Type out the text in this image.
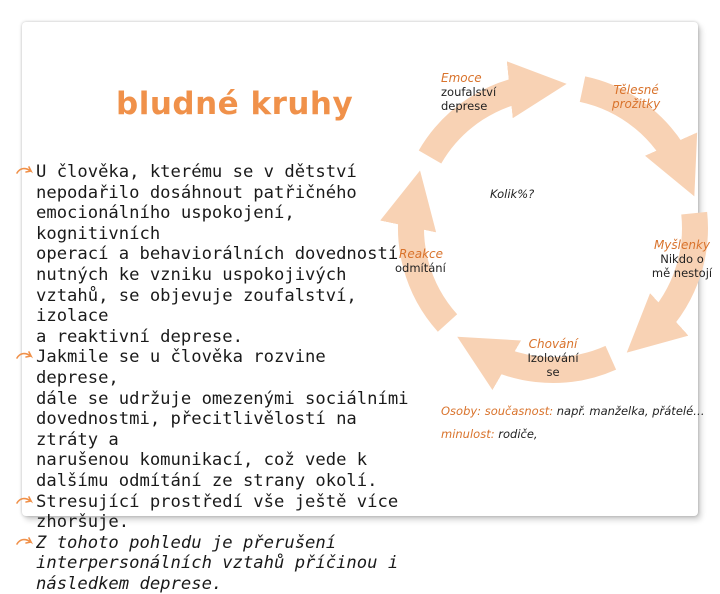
bludné kruhy
U člověka, kterému se v dětství
nepodařilo dosáhnout patřičného
emocionálního uspokojení, kognitivních
operací a behaviorálních dovedností
nutných ke vzniku uspokojivých
vztahů, se objevuje zoufalství, izolace
a reaktivní deprese.
Jakmile se u člověka rozvine deprese,
dále se udržuje omezenými sociálními
dovednostmi, přecitlivělostí na ztráty a
narušenou komunikací, což vede k
dalšímu odmítání ze strany okolí.
Stresující prostředí vše ještě více
zhoršuje.
Z tohoto pohledu je přerušení
interpersonálních vztahů příčinou i
následkem deprese.
Emoce
zoufalství
deprese
Tělesné
prožitky
Myšlenky
Nikdo o
mě nestojí
Chování
Izolování
se
Reakce
odmítání
Kolik%?
Osoby: současnost: např. manželka, přátelé…
minulost: rodiče,
